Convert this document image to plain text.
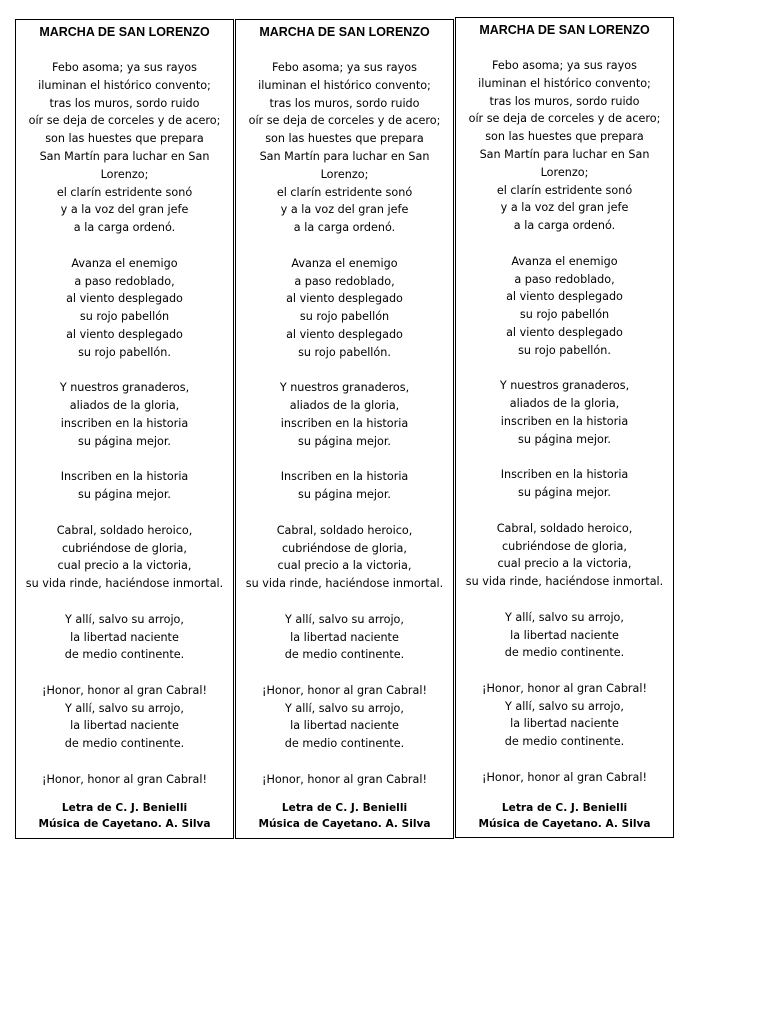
MARCHA DE SAN LORENZO
Febo asoma; ya sus rayos
iluminan el histórico convento;
tras los muros, sordo ruido
oír se deja de corceles y de acero;
son las huestes que prepara
San Martín para luchar en San
Lorenzo;
el clarín estridente sonó
y a la voz del gran jefe
a la carga ordenó.
Avanza el enemigo
a paso redoblado,
al viento desplegado
su rojo pabellón
al viento desplegado
su rojo pabellón.
Y nuestros granaderos,
aliados de la gloria,
inscriben en la historia
su página mejor.
Inscriben en la historia
su página mejor.
Cabral, soldado heroico,
cubriéndose de gloria,
cual precio a la victoria,
su vida rinde, haciéndose inmortal.
Y allí, salvo su arrojo,
la libertad naciente
de medio continente.
¡Honor, honor al gran Cabral!
Y allí, salvo su arrojo,
la libertad naciente
de medio continente.
¡Honor, honor al gran Cabral!
Letra de C. J. Benielli
Música de Cayetano. A. Silva
MARCHA DE SAN LORENZO
Febo asoma; ya sus rayos
iluminan el histórico convento;
tras los muros, sordo ruido
oír se deja de corceles y de acero;
son las huestes que prepara
San Martín para luchar en San
Lorenzo;
el clarín estridente sonó
y a la voz del gran jefe
a la carga ordenó.
Avanza el enemigo
a paso redoblado,
al viento desplegado
su rojo pabellón
al viento desplegado
su rojo pabellón.
Y nuestros granaderos,
aliados de la gloria,
inscriben en la historia
su página mejor.
Inscriben en la historia
su página mejor.
Cabral, soldado heroico,
cubriéndose de gloria,
cual precio a la victoria,
su vida rinde, haciéndose inmortal.
Y allí, salvo su arrojo,
la libertad naciente
de medio continente.
¡Honor, honor al gran Cabral!
Y allí, salvo su arrojo,
la libertad naciente
de medio continente.
¡Honor, honor al gran Cabral!
Letra de C. J. Benielli
Música de Cayetano. A. Silva
MARCHA DE SAN LORENZO
Febo asoma; ya sus rayos
iluminan el histórico convento;
tras los muros, sordo ruido
oír se deja de corceles y de acero;
son las huestes que prepara
San Martín para luchar en San
Lorenzo;
el clarín estridente sonó
y a la voz del gran jefe
a la carga ordenó.
Avanza el enemigo
a paso redoblado,
al viento desplegado
su rojo pabellón
al viento desplegado
su rojo pabellón.
Y nuestros granaderos,
aliados de la gloria,
inscriben en la historia
su página mejor.
Inscriben en la historia
su página mejor.
Cabral, soldado heroico,
cubriéndose de gloria,
cual precio a la victoria,
su vida rinde, haciéndose inmortal.
Y allí, salvo su arrojo,
la libertad naciente
de medio continente.
¡Honor, honor al gran Cabral!
Y allí, salvo su arrojo,
la libertad naciente
de medio continente.
¡Honor, honor al gran Cabral!
Letra de C. J. Benielli
Música de Cayetano. A. Silva
